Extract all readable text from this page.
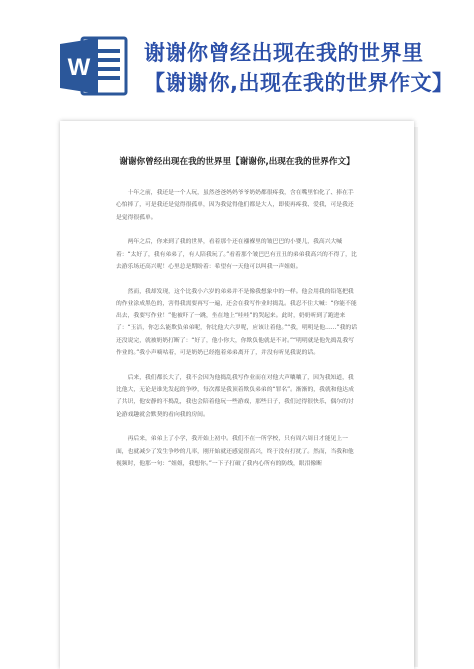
W
谢谢你曾经出现在我的世界里
【谢谢你,出现在我的世界作文】
谢谢你曾经出现在我的世界里【谢谢你,出现在我的世界作文】

十年之前，我还是一个人玩，虽然爸爸妈妈爷爷奶奶都很疼我，含在嘴里怕化了、捧在手心怕摔了，可是我还是觉得很孤单，因为我觉得他们都是大人，即使再疼我、爱我，可是我还是觉得很孤单。

两年之后，你来到了我的世界，看着那个还在襁褓里的皱巴巴的小婴儿，我高兴大喊着：“太好了，我有弟弟了，有人陪我玩了。”看着那个皱巴巴有丑丑的弟弟我高兴的不得了，比去游乐场还高兴呢！心里总是期盼着：希望有一天他可以叫我一声姐姐。

然而，我却发现，这个比我小六岁的弟弟并不是像我想象中的一样。他会用我的铅笔把我的作业涂成黑色的，害得我需要再写一遍，还会在我写作业时捣乱。我忍不住大喊：“你能不能出去，我要写作业！”他被吓了一跳，坐在地上“哇哇”的哭起来。此时，奶奶听到了跑进来了：“玉洁，你怎么能欺负弟弟呢，你比他大六岁呢，应该让着他。”“我，明明是他……”我的话还没说完，就被奶奶打断了：“好了，他小你大，你欺负他就是不对。”“明明就是他先捣乱我写作业的。”我小声嘀咕着，可是奶奶已经抱着弟弟离开了，并没有听见我说的话。

后来，我们都长大了，我不会因为他捣乱我写作业而在对他大声嚷嚷了，因为我知道，我比他大，无论是谁先发起的争吵，每次都是我顶着欺负弟弟的“罪名”。渐渐的，我就和他达成了共识，他安静的不捣乱，我也会陪着他玩一些游戏，那些日子，我们过得很快乐，偶尔的讨论游戏趣就会默契的看向我的房间。

再后来，弟弟上了小学，我开始上初中。我们不在一所学校，只有周六周日才能见上一面，也就减少了发生争吵的几率，刚开始就还感觉很高兴，终于没有打扰了。然而，当我和他视频时，他那一句：“姐姐，我想你。”一下子打破了我内心所有的防线，眼泪像断
